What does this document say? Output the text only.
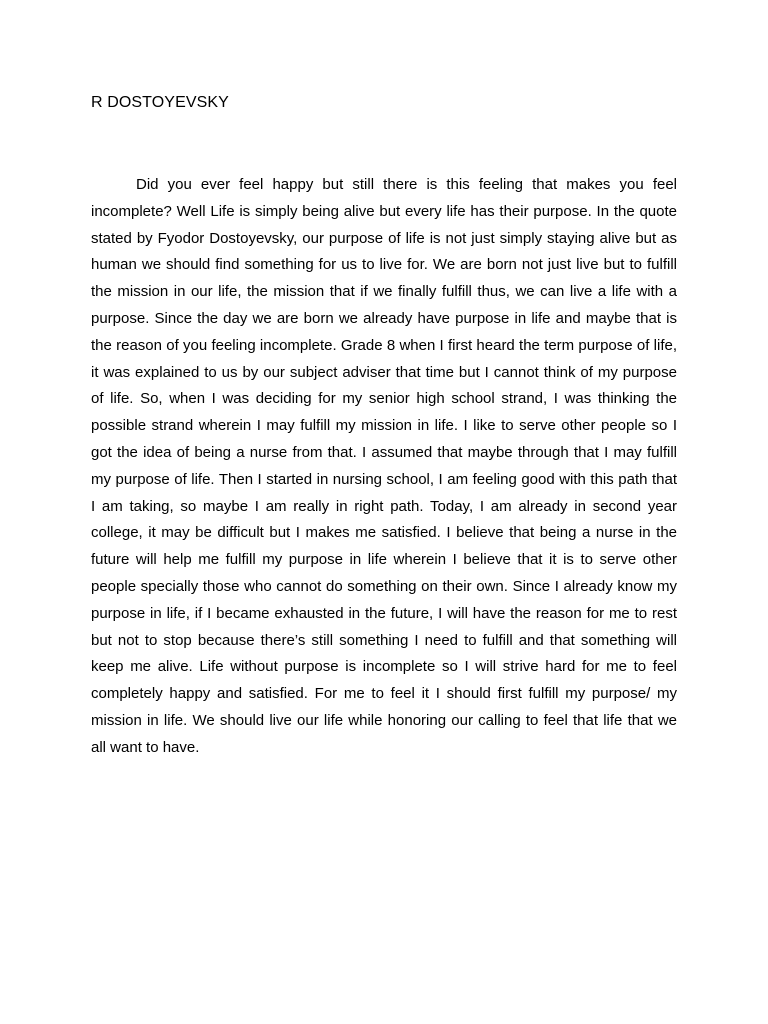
R DOSTOYEVSKY

Did you ever feel happy but still there is this feeling that makes you feel incomplete? Well Life is simply being alive but every life has their purpose. In the quote stated by Fyodor Dostoyevsky, our purpose of life is not just simply staying alive but as human we should find something for us to live for. We are born not just live but to fulfill the mission in our life, the mission that if we finally fulfill thus, we can live a life with a purpose. Since the day we are born we already have purpose in life and maybe that is the reason of you feeling incomplete. Grade 8 when I first heard the term purpose of life, it was explained to us by our subject adviser that time but I cannot think of my purpose of life. So, when I was deciding for my senior high school strand, I was thinking the possible strand wherein I may fulfill my mission in life. I like to serve other people so I got the idea of being a nurse from that. I assumed that maybe through that I may fulfill my purpose of life. Then I started in nursing school, I am feeling good with this path that I am taking, so maybe I am really in right path. Today, I am already in second year college, it may be difficult but I makes me satisfied. I believe that being a nurse in the future will help me fulfill my purpose in life wherein I believe that it is to serve other people specially those who cannot do something on their own. Since I already know my purpose in life, if I became exhausted in the future, I will have the reason for me to rest but not to stop because there’s still something I need to fulfill and that something will keep me alive. Life without purpose is incomplete so I will strive hard for me to feel completely happy and satisfied. For me to feel it I should first fulfill my purpose/ my mission in life. We should live our life while honoring our calling to feel that life that we all want to have.
